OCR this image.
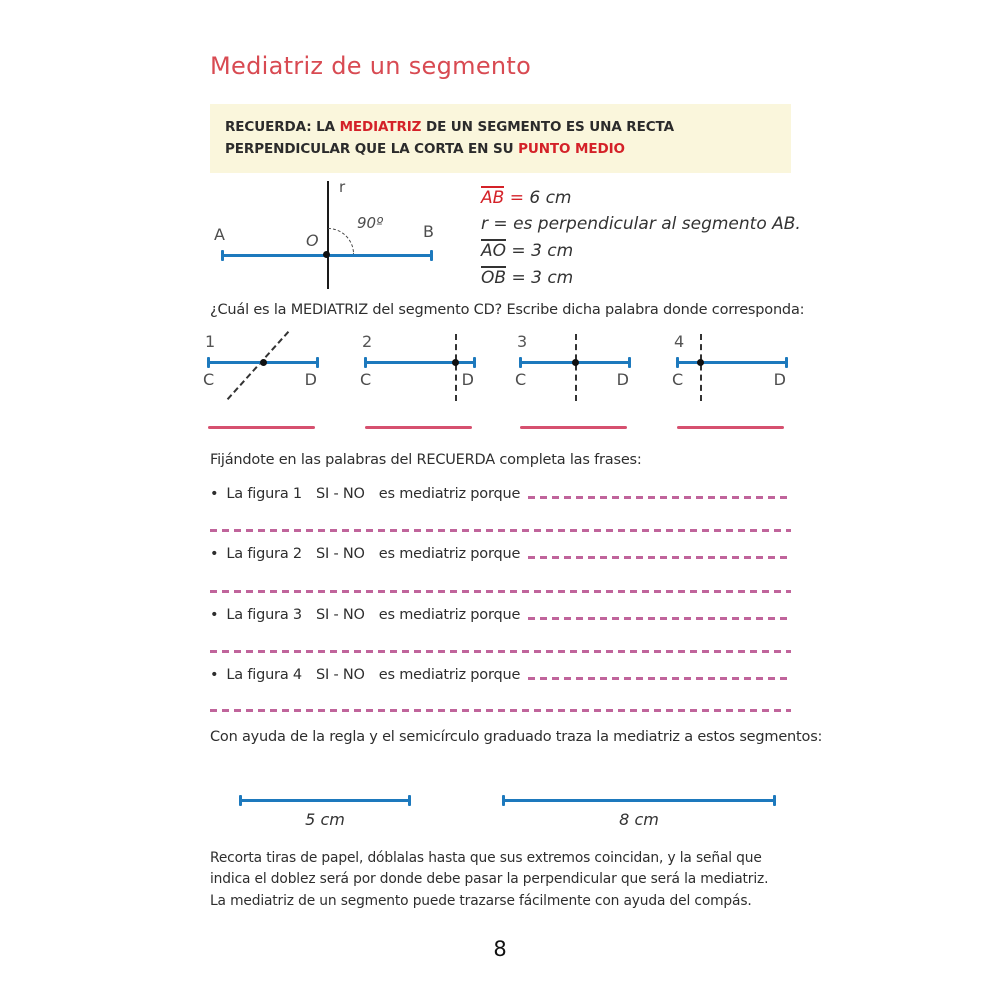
Mediatriz de un segmento
RECUERDA: LA MEDIATRIZ DE UN SEGMENTO ES UNA RECTA PERPENDICULAR QUE LA CORTA EN SU PUNTO MEDIO
A	B
O
r
90º
AB = 6 cm
r = es perpendicular al segmento AB.
AO = 3 cm
OB = 3 cm
¿Cuál es la MEDIATRIZ del segmento CD? Escribe dicha palabra donde corresponda:
1
C	D
2
C	D
3
C	D
4
C	D
Fijándote en las palabras del RECUERDA completa las frases:
• La figura 1 SI - NO es mediatriz porque
• La figura 2 SI - NO es mediatriz porque
• La figura 3 SI - NO es mediatriz porque
• La figura 4 SI - NO es mediatriz porque
Con ayuda de la regla y el semicírculo graduado traza la mediatriz a estos segmentos:
5 cm	8 cm
Recorta tiras de papel, dóblalas hasta que sus extremos coincidan, y la señal que indica el doblez será por donde debe pasar la perpendicular que será la mediatriz.
La mediatriz de un segmento puede trazarse fácilmente con ayuda del compás.
8
